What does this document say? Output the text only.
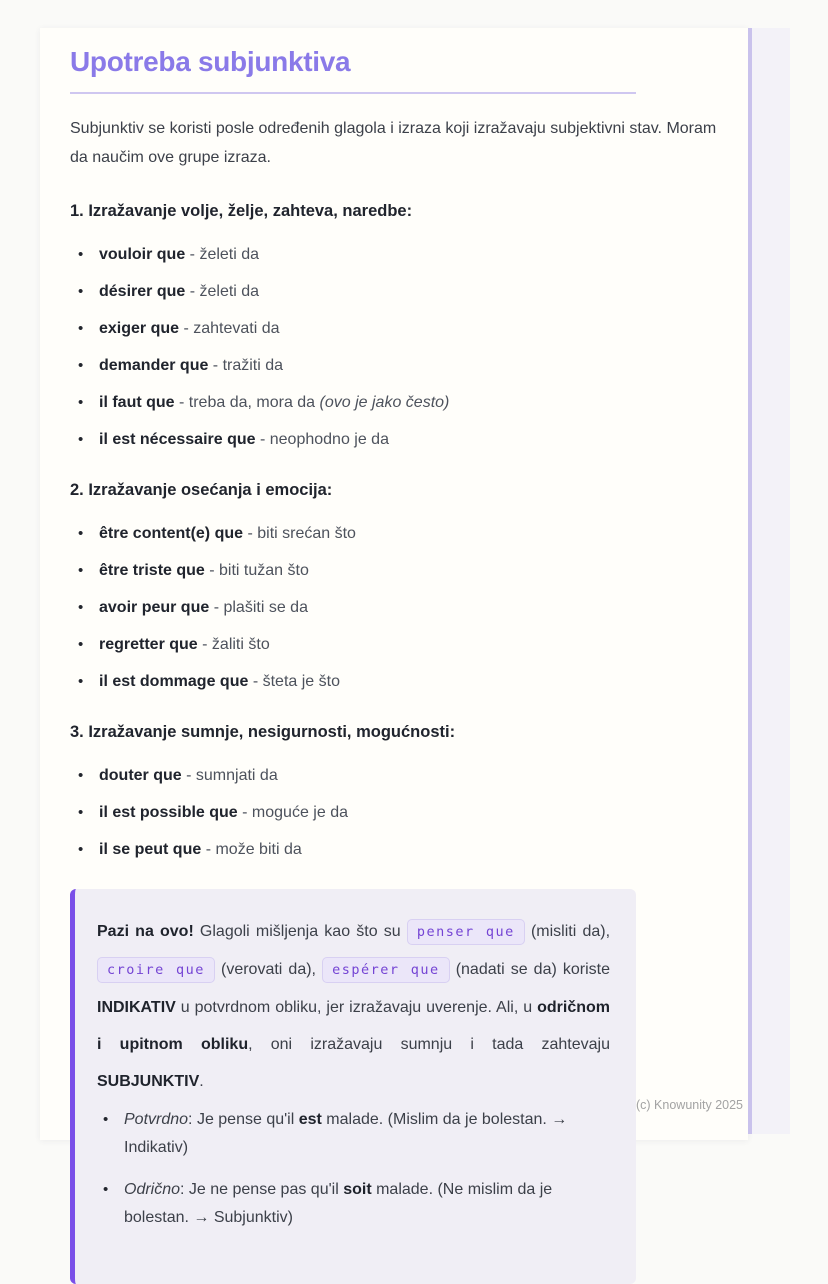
Upotreba subjunktiva

Subjunktiv se koristi posle određenih glagola i izraza koji izražavaju subjektivni stav. Moram da naučim ove grupe izraza.

1. Izražavanje volje, želje, zahteva, naredbe:
• vouloir que - želeti da
• désirer que - želeti da
• exiger que - zahtevati da
• demander que - tražiti da
• il faut que - treba da, mora da (ovo je jako često)
• il est nécessaire que - neophodno je da
2. Izražavanje osećanja i emocija:
• être content(e) que - biti srećan što
• être triste que - biti tužan što
• avoir peur que - plašiti se da
• regretter que - žaliti što
• il est dommage que - šteta je što
3. Izražavanje sumnje, nesigurnosti, mogućnosti:
• douter que - sumnjati da
• il est possible que - moguće je da
• il se peut que - može biti da

Pazi na ovo! Glagoli mišljenja kao što su penser que (misliti da), croire que (verovati da), espérer que (nadati se da) koriste INDIKATIV u potvrdnom obliku, jer izražavaju uverenje. Ali, u odričnom i upitnom obliku, oni izražavaju sumnju i tada zahtevaju SUBJUNKTIV.

• Potvrdno: Je pense qu'il est malade. (Mislim da je bolestan. → Indikativ)
• Odrično: Je ne pense pas qu'il soit malade. (Ne mislim da je bolestan. → Subjunktiv)
(c) Knowunity 2025
